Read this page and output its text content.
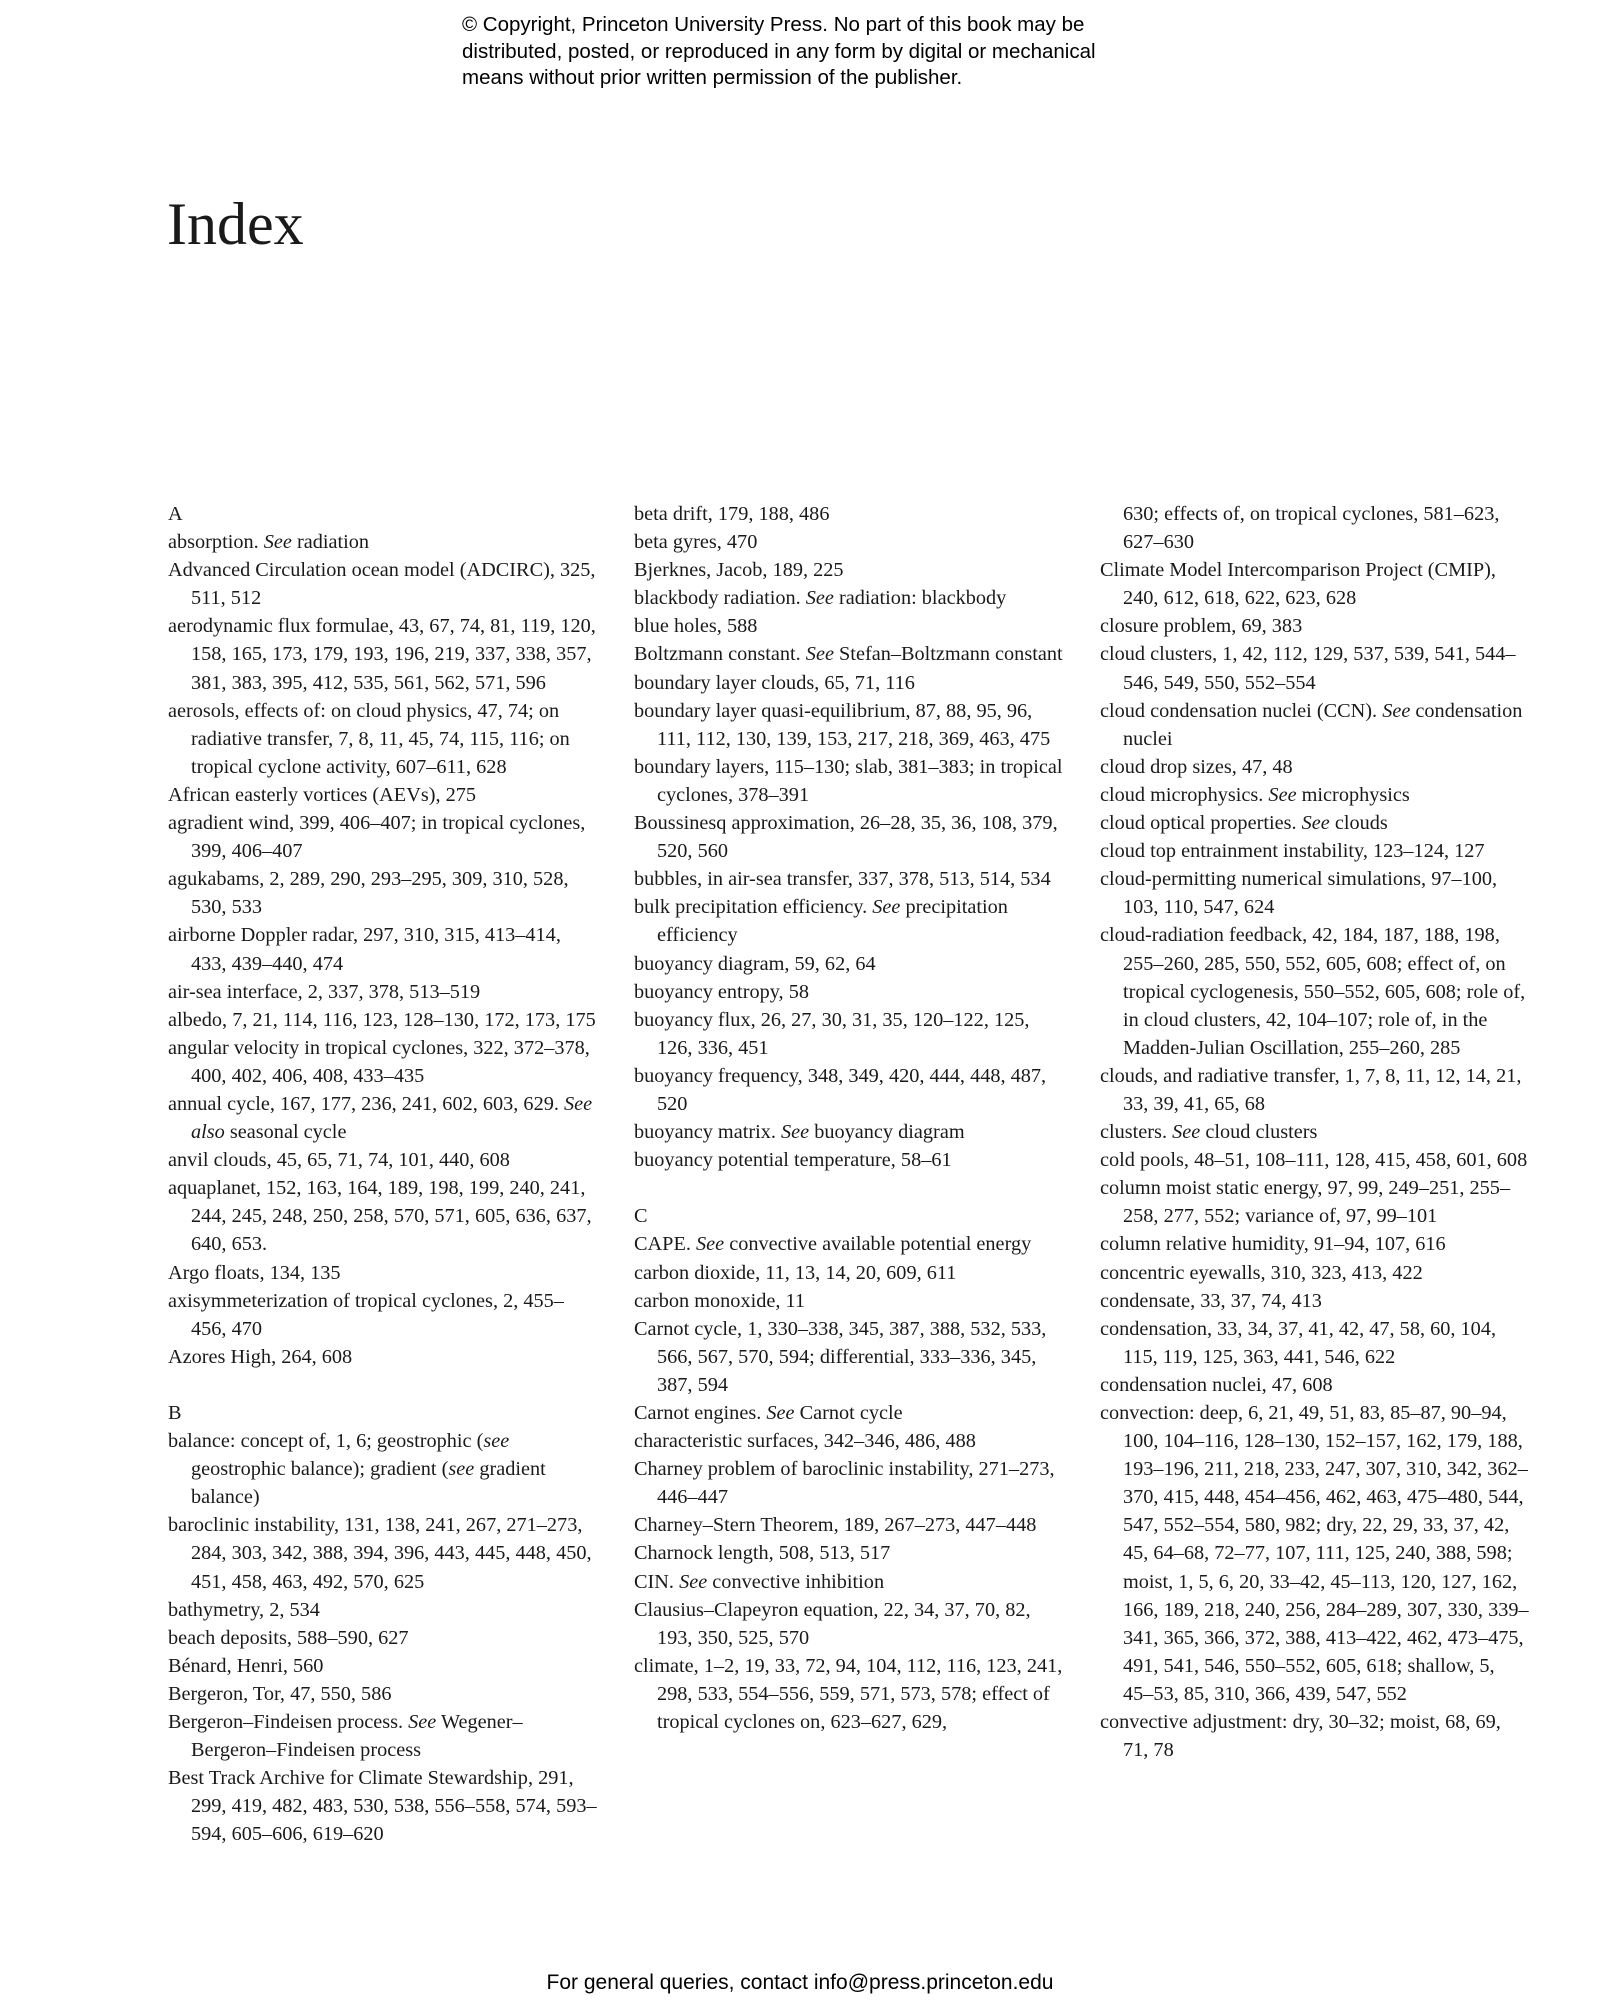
© Copyright, Princeton University Press. No part of this book may be
distributed, posted, or reproduced in any form by digital or mechanical
means without prior written permission of the publisher.
Index
A
absorption. See radiation
Advanced Circulation ocean model (ADCIRC), 325, 511, 512
aerodynamic flux formulae, 43, 67, 74, 81, 119, 120, 158, 165, 173, 179, 193, 196, 219, 337, 338, 357, 381, 383, 395, 412, 535, 561, 562, 571, 596
aerosols, effects of: on cloud physics, 47, 74; on radiative transfer, 7, 8, 11, 45, 74, 115, 116; on tropical cyclone activity, 607–611, 628
African easterly vortices (AEVs), 275
agradient wind, 399, 406–407; in tropical cyclones, 399, 406–407
agukabams, 2, 289, 290, 293–295, 309, 310, 528, 530, 533
airborne Doppler radar, 297, 310, 315, 413–414, 433, 439–440, 474
air-sea interface, 2, 337, 378, 513–519
albedo, 7, 21, 114, 116, 123, 128–130, 172, 173, 175
angular velocity in tropical cyclones, 322, 372–378, 400, 402, 406, 408, 433–435
annual cycle, 167, 177, 236, 241, 602, 603, 629. See also seasonal cycle
anvil clouds, 45, 65, 71, 74, 101, 440, 608
aquaplanet, 152, 163, 164, 189, 198, 199, 240, 241, 244, 245, 248, 250, 258, 570, 571, 605, 636, 637, 640, 653.
Argo floats, 134, 135
axisymmeterization of tropical cyclones, 2, 455–456, 470
Azores High, 264, 608
B
balance: concept of, 1, 6; geostrophic (see geostrophic balance); gradient (see gradient balance)
baroclinic instability, 131, 138, 241, 267, 271–273, 284, 303, 342, 388, 394, 396, 443, 445, 448, 450, 451, 458, 463, 492, 570, 625
bathymetry, 2, 534
beach deposits, 588–590, 627
Bénard, Henri, 560
Bergeron, Tor, 47, 550, 586
Bergeron–Findeisen process. See Wegener–Bergeron–Findeisen process
Best Track Archive for Climate Stewardship, 291, 299, 419, 482, 483, 530, 538, 556–558, 574, 593–594, 605–606, 619–620
beta drift, 179, 188, 486
beta gyres, 470
Bjerknes, Jacob, 189, 225
blackbody radiation. See radiation: blackbody
blue holes, 588
Boltzmann constant. See Stefan–Boltzmann constant
boundary layer clouds, 65, 71, 116
boundary layer quasi-equilibrium, 87, 88, 95, 96, 111, 112, 130, 139, 153, 217, 218, 369, 463, 475
boundary layers, 115–130; slab, 381–383; in tropical cyclones, 378–391
Boussinesq approximation, 26–28, 35, 36, 108, 379, 520, 560
bubbles, in air-sea transfer, 337, 378, 513, 514, 534
bulk precipitation efficiency. See precipitation efficiency
buoyancy diagram, 59, 62, 64
buoyancy entropy, 58
buoyancy flux, 26, 27, 30, 31, 35, 120–122, 125, 126, 336, 451
buoyancy frequency, 348, 349, 420, 444, 448, 487, 520
buoyancy matrix. See buoyancy diagram
buoyancy potential temperature, 58–61
C
CAPE. See convective available potential energy
carbon dioxide, 11, 13, 14, 20, 609, 611
carbon monoxide, 11
Carnot cycle, 1, 330–338, 345, 387, 388, 532, 533, 566, 567, 570, 594; differential, 333–336, 345, 387, 594
Carnot engines. See Carnot cycle
characteristic surfaces, 342–346, 486, 488
Charney problem of baroclinic instability, 271–273, 446–447
Charney–Stern Theorem, 189, 267–273, 447–448
Charnock length, 508, 513, 517
CIN. See convective inhibition
Clausius–Clapeyron equation, 22, 34, 37, 70, 82, 193, 350, 525, 570
climate, 1–2, 19, 33, 72, 94, 104, 112, 116, 123, 241, 298, 533, 554–556, 559, 571, 573, 578; effect of tropical cyclones on, 623–627, 629,
630; effects of, on tropical cyclones, 581–623, 627–630
Climate Model Intercomparison Project (CMIP), 240, 612, 618, 622, 623, 628
closure problem, 69, 383
cloud clusters, 1, 42, 112, 129, 537, 539, 541, 544–546, 549, 550, 552–554
cloud condensation nuclei (CCN). See condensation nuclei
cloud drop sizes, 47, 48
cloud microphysics. See microphysics
cloud optical properties. See clouds
cloud top entrainment instability, 123–124, 127
cloud-permitting numerical simulations, 97–100, 103, 110, 547, 624
cloud-radiation feedback, 42, 184, 187, 188, 198, 255–260, 285, 550, 552, 605, 608; effect of, on tropical cyclogenesis, 550–552, 605, 608; role of, in cloud clusters, 42, 104–107; role of, in the Madden-Julian Oscillation, 255–260, 285
clouds, and radiative transfer, 1, 7, 8, 11, 12, 14, 21, 33, 39, 41, 65, 68
clusters. See cloud clusters
cold pools, 48–51, 108–111, 128, 415, 458, 601, 608
column moist static energy, 97, 99, 249–251, 255–258, 277, 552; variance of, 97, 99–101
column relative humidity, 91–94, 107, 616
concentric eyewalls, 310, 323, 413, 422
condensate, 33, 37, 74, 413
condensation, 33, 34, 37, 41, 42, 47, 58, 60, 104, 115, 119, 125, 363, 441, 546, 622
condensation nuclei, 47, 608
convection: deep, 6, 21, 49, 51, 83, 85–87, 90–94, 100, 104–116, 128–130, 152–157, 162, 179, 188, 193–196, 211, 218, 233, 247, 307, 310, 342, 362–370, 415, 448, 454–456, 462, 463, 475–480, 544, 547, 552–554, 580, 982; dry, 22, 29, 33, 37, 42, 45, 64–68, 72–77, 107, 111, 125, 240, 388, 598; moist, 1, 5, 6, 20, 33–42, 45–113, 120, 127, 162, 166, 189, 218, 240, 256, 284–289, 307, 330, 339–341, 365, 366, 372, 388, 413–422, 462, 473–475, 491, 541, 546, 550–552, 605, 618; shallow, 5, 45–53, 85, 310, 366, 439, 547, 552
convective adjustment: dry, 30–32; moist, 68, 69, 71, 78
For general queries, contact info@press.princeton.edu
